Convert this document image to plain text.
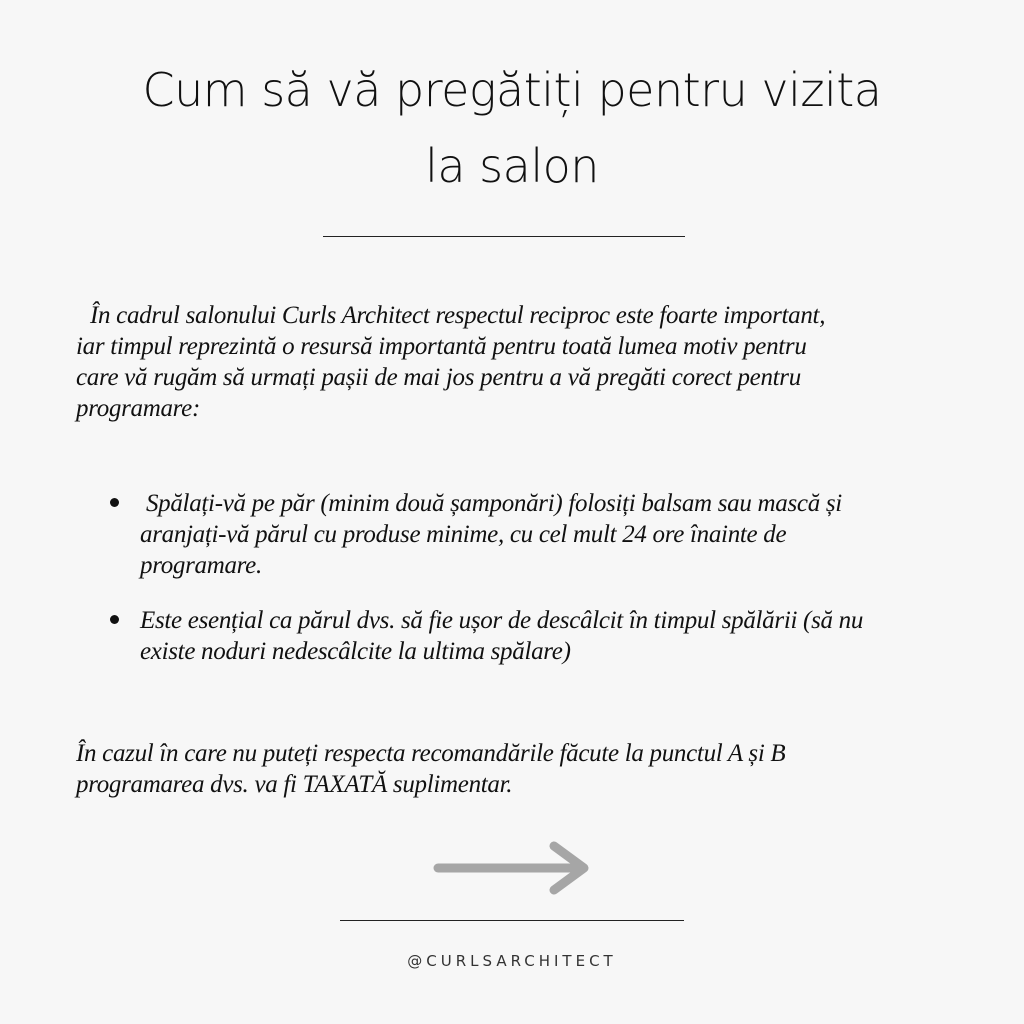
Cum să vă pregătiți pentru vizita
la salon

În cadrul salonului Curls Architect respectul reciproc este foarte important,
iar timpul reprezintă o resursă importantă pentru toată lumea motiv pentru
care vă rugăm să urmați pașii de mai jos pentru a vă pregăti corect pentru
programare:

Spălați-vă pe păr (minim două șamponări) folosiți balsam sau mască și
aranjați-vă părul cu produse minime, cu cel mult 24 ore înainte de
programare.
Este esențial ca părul dvs. să fie ușor de descâlcit în timpul spălării (să nu
existe noduri nedescâlcite la ultima spălare)

În cazul în care nu puteți respecta recomandările făcute la punctul A și B
programarea dvs. va fi TAXATĂ suplimentar.

@CURLSARCHITECT
